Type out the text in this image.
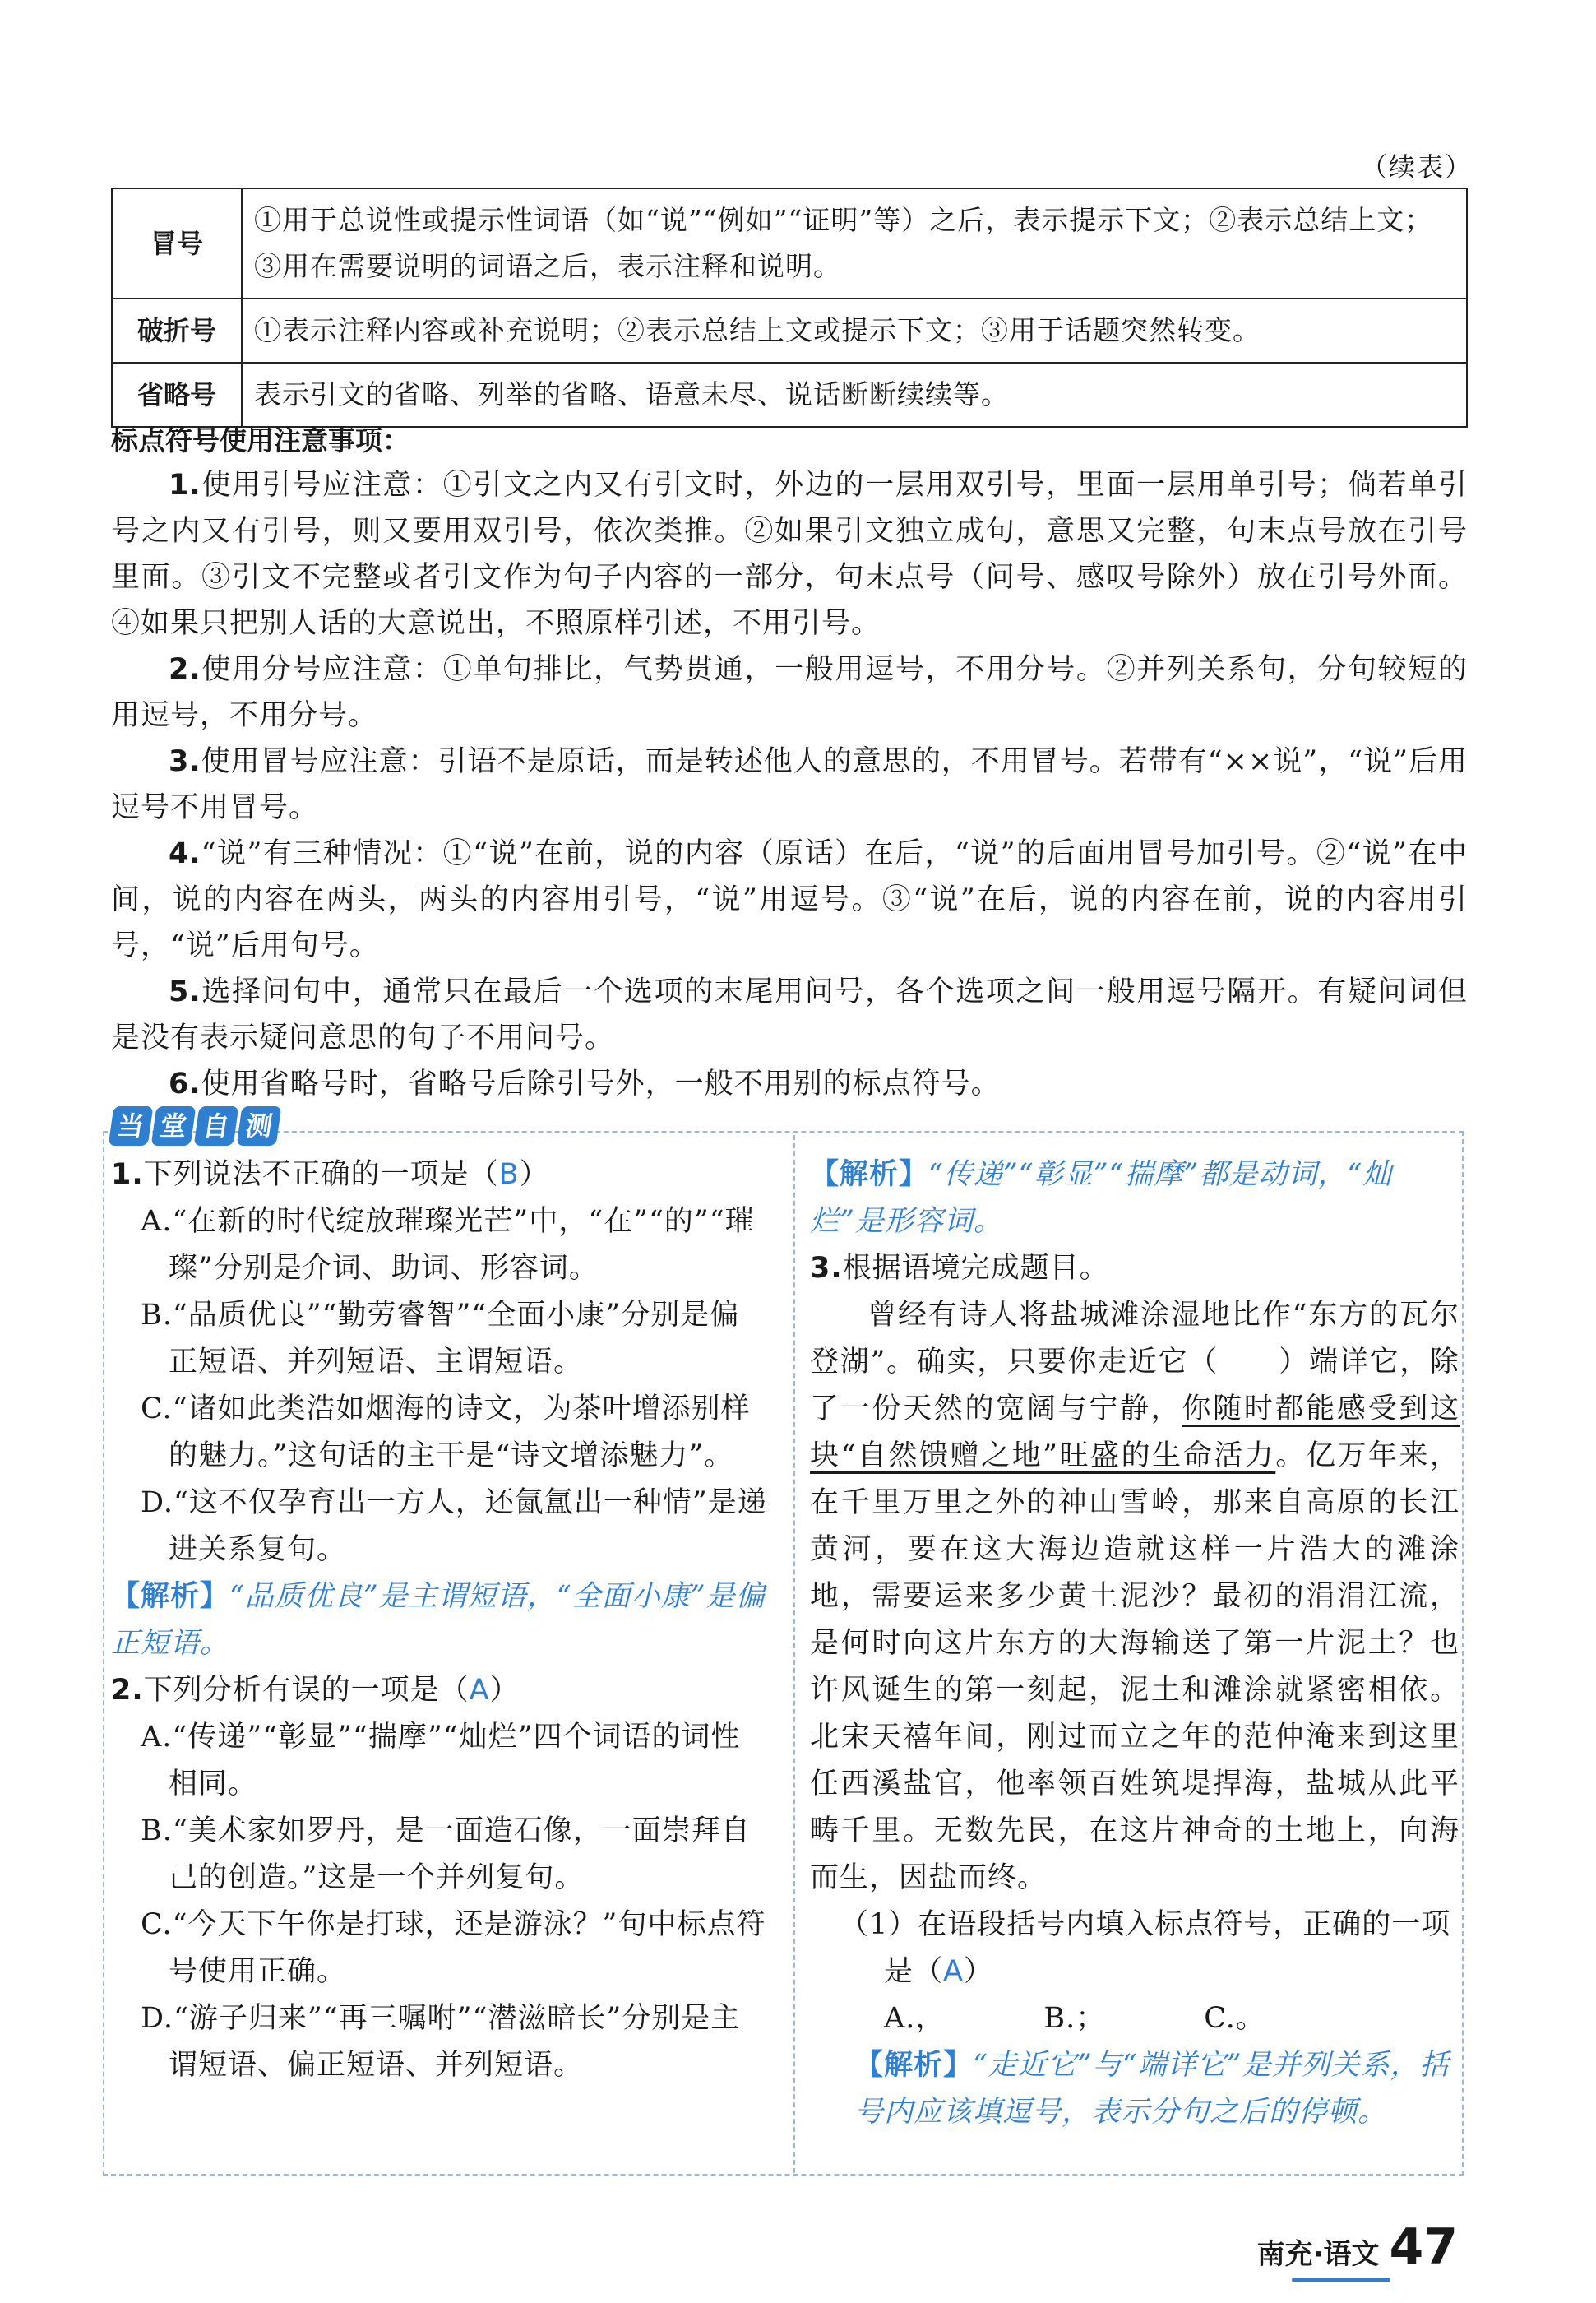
（续表）
冒号	①用于总说性或提示性词语（如“说”“例如”“证明”等）之后，表示提示下文；②表示总结上文；
③用在需要说明的词语之后，表示注释和说明。

破折号	①表示注释内容或补充说明；②表示总结上文或提示下文；③用于话题突然转变。

省略号	表示引文的省略、列举的省略、语意未尽、说话断断续续等。
标点符号使用注意事项：

1.使用引号应注意：①引文之内又有引文时，外边的一层用双引号，里面一层用单引号；倘若单引号之内又有引号，则又要用双引号，依次类推。②如果引文独立成句，意思又完整，句末点号放在引号里面。③引文不完整或者引文作为句子内容的一部分，句末点号（问号、感叹号除外）放在引号外面。④如果只把别人话的大意说出，不照原样引述，不用引号。

2.使用分号应注意：①单句排比，气势贯通，一般用逗号，不用分号。②并列关系句，分句较短的用逗号，不用分号。

3.使用冒号应注意：引语不是原话，而是转述他人的意思的，不用冒号。若带有“××说”，“说”后用逗号不用冒号。

4.“说”有三种情况：①“说”在前，说的内容（原话）在后，“说”的后面用冒号加引号。②“说”在中间，说的内容在两头，两头的内容用引号，“说”用逗号。③“说”在后，说的内容在前，说的内容用引号，“说”后用句号。

5.选择问句中，通常只在最后一个选项的末尾用问号，各个选项之间一般用逗号隔开。有疑问词但是没有表示疑问意思的句子不用问号。

6.使用省略号时，省略号后除引号外，一般不用别的标点符号。

当 堂 自 测

1.下列说法不正确的一项是（B）

A.“在新的时代绽放璀璨光芒”中，“在”“的”“璀璨”分别是介词、助词、形容词。

B.“品质优良”“勤劳睿智”“全面小康”分别是偏正短语、并列短语、主谓短语。

C.“诸如此类浩如烟海的诗文，为茶叶增添别样的魅力。”这句话的主干是“诗文增添魅力”。

D.“这不仅孕育出一方人，还氤氲出一种情”是递进关系复句。

【解析】“品质优良”是主谓短语，“全面小康”是偏正短语。

2.下列分析有误的一项是（A）

A.“传递”“彰显”“揣摩”“灿烂”四个词语的词性相同。

B.“美术家如罗丹，是一面造石像，一面崇拜自己的创造。”这是一个并列复句。

C.“今天下午你是打球，还是游泳？”句中标点符号使用正确。

D.“游子归来”“再三嘱咐”“潜滋暗长”分别是主谓短语、偏正短语、并列短语。

【解析】“传递”“彰显”“揣摩”都是动词，“灿烂”是形容词。

3.根据语境完成题目。

曾经有诗人将盐城滩涂湿地比作“东方的瓦尔登湖”。确实，只要你走近它（　　）端详它，除了一份天然的宽阔与宁静，你随时都能感受到这块“自然馈赠之地”旺盛的生命活力。亿万年来，在千里万里之外的神山雪岭，那来自高原的长江黄河，要在这大海边造就这样一片浩大的滩涂地，需要运来多少黄土泥沙？最初的涓涓江流，是何时向这片东方的大海输送了第一片泥土？也许风诞生的第一刻起，泥土和滩涂就紧密相依。北宋天禧年间，刚过而立之年的范仲淹来到这里任西溪盐官，他率领百姓筑堤捍海，盐城从此平畴千里。无数先民，在这片神奇的土地上，向海而生，因盐而终。

（1）在语段括号内填入标点符号，正确的一项是（A）

A.，	B.；	C.。

【解析】“走近它”与“端详它”是并列关系，括号内应该填逗号，表示分句之后的停顿。

南充·语文 47
